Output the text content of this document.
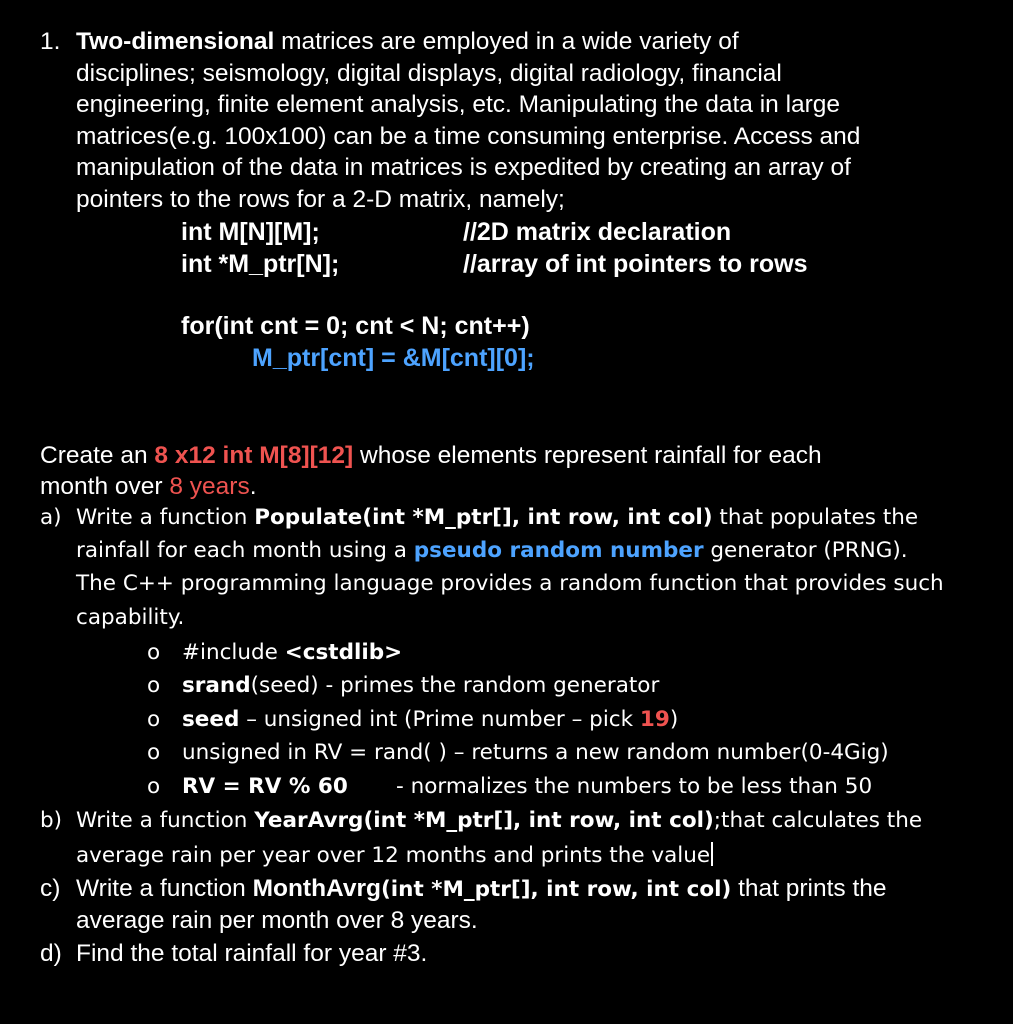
1. Two-dimensional matrices are employed in a wide variety of
disciplines; seismology, digital displays, digital radiology, financial
engineering, finite element analysis, etc. Manipulating the data in large
matrices(e.g. 100x100) can be a time consuming enterprise. Access and
manipulation of the data in matrices is expedited by creating an array of
pointers to the rows for a 2-D matrix, namely;
int M[N][M];	//2D matrix declaration
int *M_ptr[N];	//array of int pointers to rows
for(int cnt = 0; cnt < N; cnt++)
M_ptr[cnt] = &M[cnt][0];
Create an 8 x12 int M[8][12] whose elements represent rainfall for each
month over 8 years.
a) Write a function Populate(int *M_ptr[], int row, int col) that populates the
rainfall for each month using a pseudo random number generator (PRNG).
The C++ programming language provides a random function that provides such
capability.
o #include <cstdlib>
o srand(seed) - primes the random generator
o seed – unsigned int (Prime number – pick 19)
o unsigned in RV = rand( ) – returns a new random number(0-4Gig)
o RV = RV % 60 - normalizes the numbers to be less than 50
b) Write a function YearAvrg(int *M_ptr[], int row, int col);that calculates the
average rain per year over 12 months and prints the value
c) Write a function MonthAvrg(int *M_ptr[], int row, int col) that prints the
average rain per month over 8 years.
d) Find the total rainfall for year #3.
